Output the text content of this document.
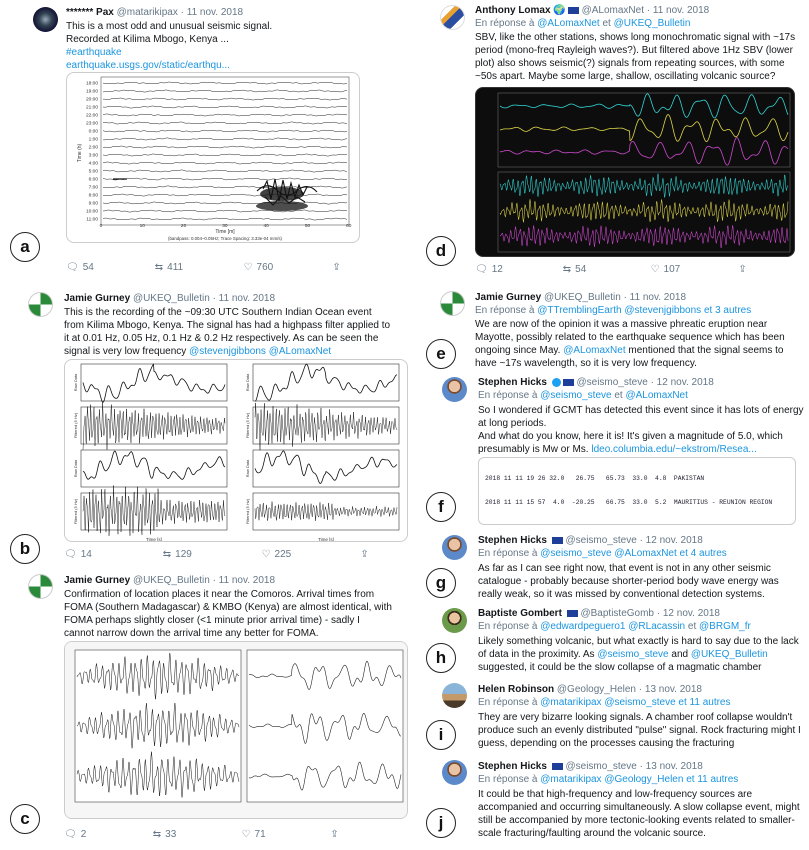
******* Pax @matarikipax · 11 nov. 2018
This is a most odd and unusual seismic signal.
Recorded at Kilima Mbogo, Kenya ...
#earthquake
earthquake.usgs.gov/static/earthqu...
18:00
19:00
20:00
21:00
22:00
23:00
0:00
1:00
2:00
3:00
4:00
5:00
6:00
7:00
8:00
9:00
10:00
11:00
0	10	20	30	40	50	60
Time [m]
(bandpass: 0.004–0.05Hz; Trace Spacing: 3.33e-04 mm/s)
Time (h)
🗨 54	⇆ 411	♡ 760	⇪
a
Jamie Gurney @UKEQ_Bulletin · 11 nov. 2018
This is the recording of the ~09:30 UTC Southern Indian Ocean event
from Kilima Mbogo, Kenya. The signal has had a highpass filter applied to
it at 0.01 Hz, 0.05 Hz, 0.1 Hz & 0.2 Hz respectively. As can be seen the
signal is very low frequency @stevenjgibbons @ALomaxNet
Raw Data
Filtered (5 Hz)
Raw Data
Filtered (5 Hz)
Time [s]
Raw Data
Filtered (5 Hz)
Raw Data
Filtered (5 Hz)
Time [s]
🗨 14	⇆ 129	♡ 225	⇪
b
Jamie Gurney @UKEQ_Bulletin · 11 nov. 2018
Confirmation of location places it near the Comoros. Arrival times from
FOMA (Southern Madagascar) & KMBO (Kenya) are almost identical, with
FOMA perhaps slightly closer (<1 minute prior arrival time) - sadly I
cannot narrow down the arrival time any better for FOMA.
🗨 2	⇆ 33	♡ 71	⇪
c
Anthony Lomax 🌍 @ALomaxNet · 11 nov. 2018
En réponse à @ALomaxNet et @UKEQ_Bulletin
SBV, like the other stations, shows long monochromatic signal with ~17s
period (mono-freq Rayleigh waves?). But filtered above 1Hz SBV (lower
plot) also shows seismic(?) signals from repeating sources, with some
~50s apart. Maybe some large, shallow, oscillating volcanic source?
🗨 12	⇆ 54	♡ 107	⇪
d
Jamie Gurney @UKEQ_Bulletin · 11 nov. 2018
En réponse à @TTremblingEarth @stevenjgibbons et 3 autres
We are now of the opinion it was a massive phreatic eruption near
Mayotte, possibly related to the earthquake sequence which has been
ongoing since May. @ALomaxNet mentioned that the signal seems to
have ~17s wavelength, so it is very low frequency.
e
Stephen Hicks	@seismo_steve · 12 nov. 2018
En réponse à @seismo_steve et @ALomaxNet
So I wondered if GCMT has detected this event since it has lots of energy
at long periods.
And what do you know, here it is! It's given a magnitude of 5.0, which
presumably is Mw or Ms. ldeo.columbia.edu/~ekstrom/Resea...

2018 11 11 19 26 32.0   26.75   65.73  33.0  4.8  PAKISTAN

2018 11 11 15 57  4.0  -20.25   66.75  33.0  5.2  MAURITIUS - REUNION REGION

f
Stephen Hicks @seismo_steve · 12 nov. 2018
En réponse à @seismo_steve @ALomaxNet et 4 autres
As far as I can see right now, that event is not in any other seismic
catalogue - probably because shorter-period body wave energy was
really weak, so it was missed by conventional detection systems.
g
Baptiste Gombert @BaptisteGomb · 12 nov. 2018
En réponse à @edwardpeguero1 @RLacassin et @BRGM_fr
Likely something volcanic, but what exactly is hard to say due to the lack
of data in the proximity. As @seismo_steve and @UKEQ_Bulletin
suggested, it could be the slow collapse of a magmatic chamber
h
Helen Robinson @Geology_Helen · 13 nov. 2018
En réponse à @matarikipax @seismo_steve et 11 autres
They are very bizarre looking signals. A chamber roof collapse wouldn't
produce such an evenly distributed "pulse" signal. Rock fracturing might I
guess, depending on the processes causing the fracturing
i
Stephen Hicks @seismo_steve · 13 nov. 2018
En réponse à @matarikipax @Geology_Helen et 11 autres
It could be that high-frequency and low-frequency sources are
accompanied and occurring simultaneously. A slow collapse event, might
still be accompanied by more tectonic-looking events related to smaller-
scale fracturing/faulting around the volcanic source.
j
